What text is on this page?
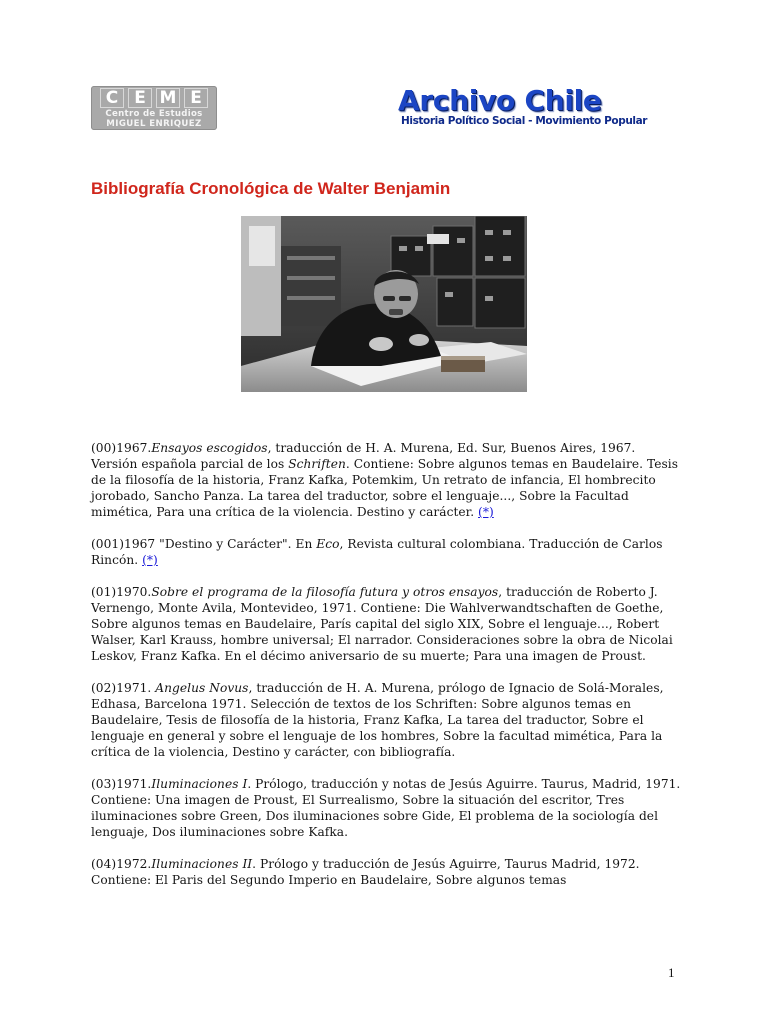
C E M E
Centro de Estudios
MIGUEL ENRIQUEZ
Archivo Chile
Historia Político Social - Movimiento Popular
Bibliografía Cronológica de Walter Benjamin

(00)1967.Ensayos escogidos, traducción de H. A. Murena, Ed. Sur, Buenos Aires, 1967. Versión española parcial de los Schriften. Contiene: Sobre algunos temas en Baudelaire. Tesis de la filosofía de la historia, Franz Kafka, Potemkim, Un retrato de infancia, El hombrecito jorobado, Sancho Panza. La tarea del traductor, sobre el lenguaje..., Sobre la Facultad mimética, Para una crítica de la violencia. Destino y carácter. (*)

(001)1967 "Destino y Carácter". En Eco, Revista cultural colombiana. Traducción de Carlos Rincón. (*)

(01)1970.Sobre el programa de la filosofía futura y otros ensayos, traducción de Roberto J. Vernengo, Monte Avila, Montevideo, 1971. Contiene: Die Wahlverwandtschaften de Goethe, Sobre algunos temas en Baudelaire, París capital del siglo XIX, Sobre el lenguaje..., Robert Walser, Karl Krauss, hombre universal; El narrador. Consideraciones sobre la obra de Nicolai Leskov, Franz Kafka. En el décimo aniversario de su muerte; Para una imagen de Proust.

(02)1971. Angelus Novus, traducción de H. A. Murena, prólogo de Ignacio de Solá-Morales, Edhasa, Barcelona 1971. Selección de textos de los Schriften: Sobre algunos temas en Baudelaire, Tesis de filosofía de la historia, Franz Kafka, La tarea del traductor, Sobre el lenguaje en general y sobre el lenguaje de los hombres, Sobre la facultad mimética, Para la crítica de la violencia, Destino y carácter, con bibliografía.

(03)1971.Iluminaciones I. Prólogo, traducción y notas de Jesús Aguirre. Taurus, Madrid, 1971. Contiene: Una imagen de Proust, El Surrealismo, Sobre la situación del escritor, Tres iluminaciones sobre Green, Dos iluminaciones sobre Gide, El problema de la sociología del lenguaje, Dos iluminaciones sobre Kafka.

(04)1972.Iluminaciones II. Prólogo y traducción de Jesús Aguirre, Taurus Madrid, 1972. Contiene: El Paris del Segundo Imperio en Baudelaire, Sobre algunos temas

1
